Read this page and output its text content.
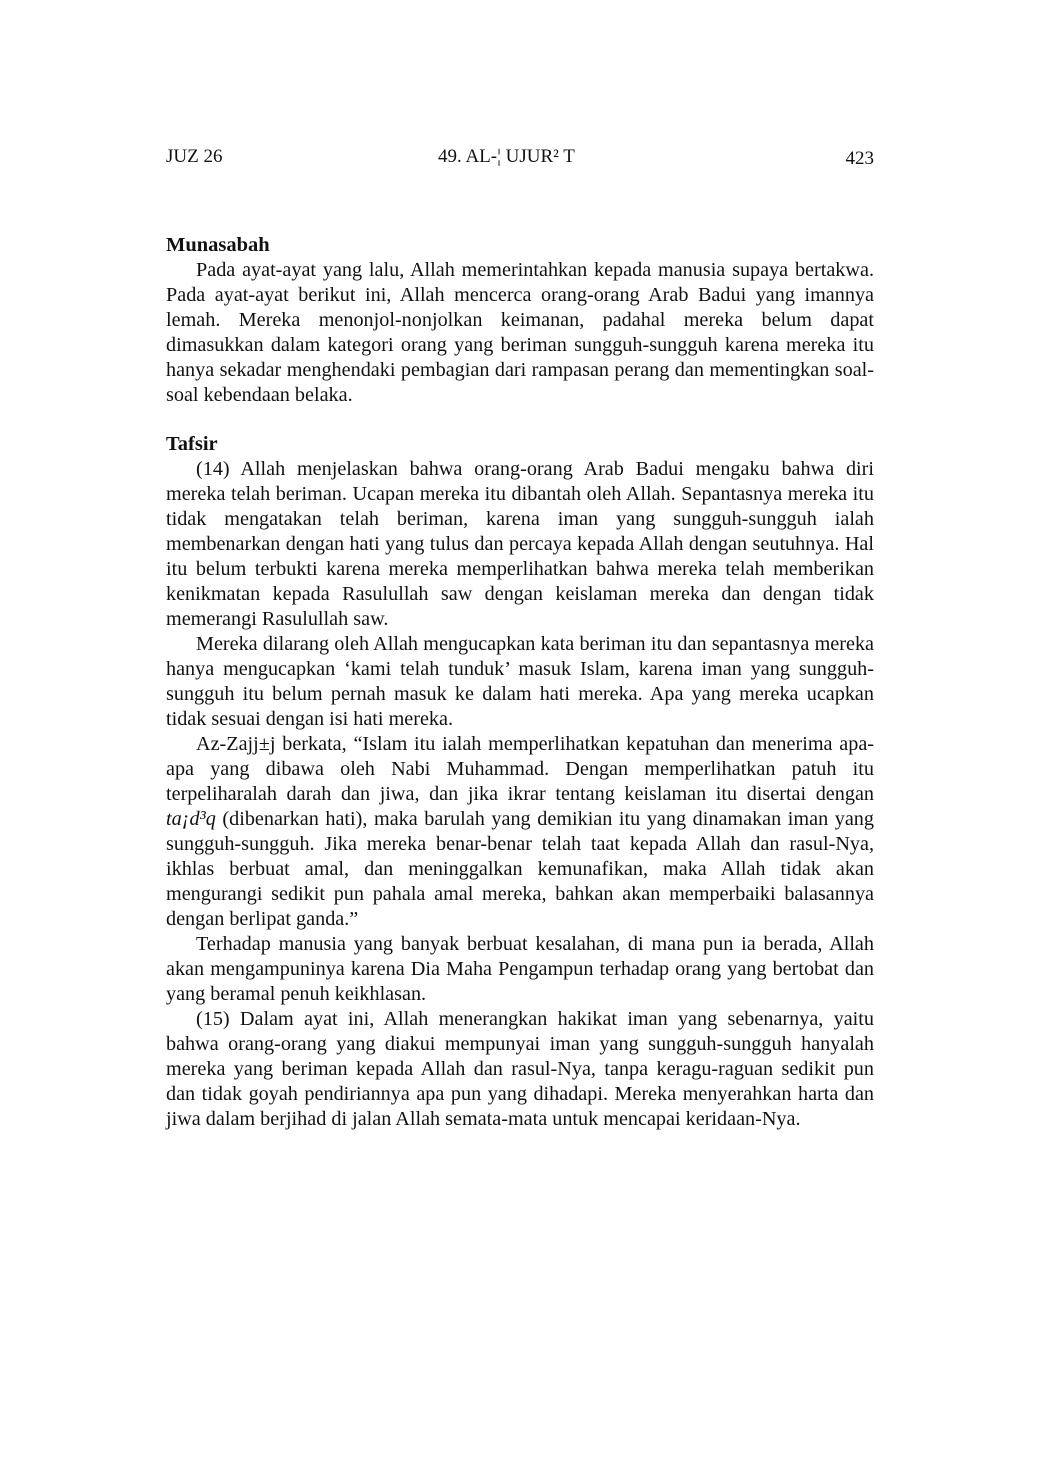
JUZ 26	49. AL-¦ UJUR² T	423
Munasabah

Pada ayat-ayat yang lalu, Allah memerintahkan kepada manusia supaya bertakwa. Pada ayat-ayat berikut ini, Allah mencerca orang-orang Arab Badui yang imannya lemah. Mereka menonjol-nonjolkan keimanan, padahal mereka belum dapat dimasukkan dalam kategori orang yang beriman sungguh-sungguh karena mereka itu hanya sekadar menghendaki pembagian dari rampasan perang dan mementingkan soal-soal kebendaan belaka.

Tafsir

(14) Allah menjelaskan bahwa orang-orang Arab Badui mengaku bahwa diri mereka telah beriman. Ucapan mereka itu dibantah oleh Allah. Sepantasnya mereka itu tidak mengatakan telah beriman, karena iman yang sungguh-sungguh ialah membenarkan dengan hati yang tulus dan percaya kepada Allah dengan seutuhnya. Hal itu belum terbukti karena mereka memperlihatkan bahwa mereka telah memberikan kenikmatan kepada Rasulullah saw dengan keislaman mereka dan dengan tidak memerangi Rasulullah saw.

Mereka dilarang oleh Allah mengucapkan kata beriman itu dan sepantasnya mereka hanya mengucapkan ‘kami telah tunduk’ masuk Islam, karena iman yang sungguh-sungguh itu belum pernah masuk ke dalam hati mereka. Apa yang mereka ucapkan tidak sesuai dengan isi hati mereka.

Az-Zajj±j berkata, “Islam itu ialah memperlihatkan kepatuhan dan menerima apa-apa yang dibawa oleh Nabi Muhammad. Dengan memperlihatkan patuh itu terpeliharalah darah dan jiwa, dan jika ikrar tentang keislaman itu disertai dengan ta¡d³q (dibenarkan hati), maka barulah yang demikian itu yang dinamakan iman yang sungguh-sungguh. Jika mereka benar-benar telah taat kepada Allah dan rasul-Nya, ikhlas berbuat amal, dan meninggalkan kemunafikan, maka Allah tidak akan mengurangi sedikit pun pahala amal mereka, bahkan akan memperbaiki balasannya dengan berlipat ganda.”

Terhadap manusia yang banyak berbuat kesalahan, di mana pun ia berada, Allah akan mengampuninya karena Dia Maha Pengampun terhadap orang yang bertobat dan yang beramal penuh keikhlasan.

(15) Dalam ayat ini, Allah menerangkan hakikat iman yang sebenarnya, yaitu bahwa orang-orang yang diakui mempunyai iman yang sungguh-sungguh hanyalah mereka yang beriman kepada Allah dan rasul-Nya, tanpa keragu-raguan sedikit pun dan tidak goyah pendiriannya apa pun yang dihadapi. Mereka menyerahkan harta dan jiwa dalam berjihad di jalan Allah semata-mata untuk mencapai keridaan-Nya.
